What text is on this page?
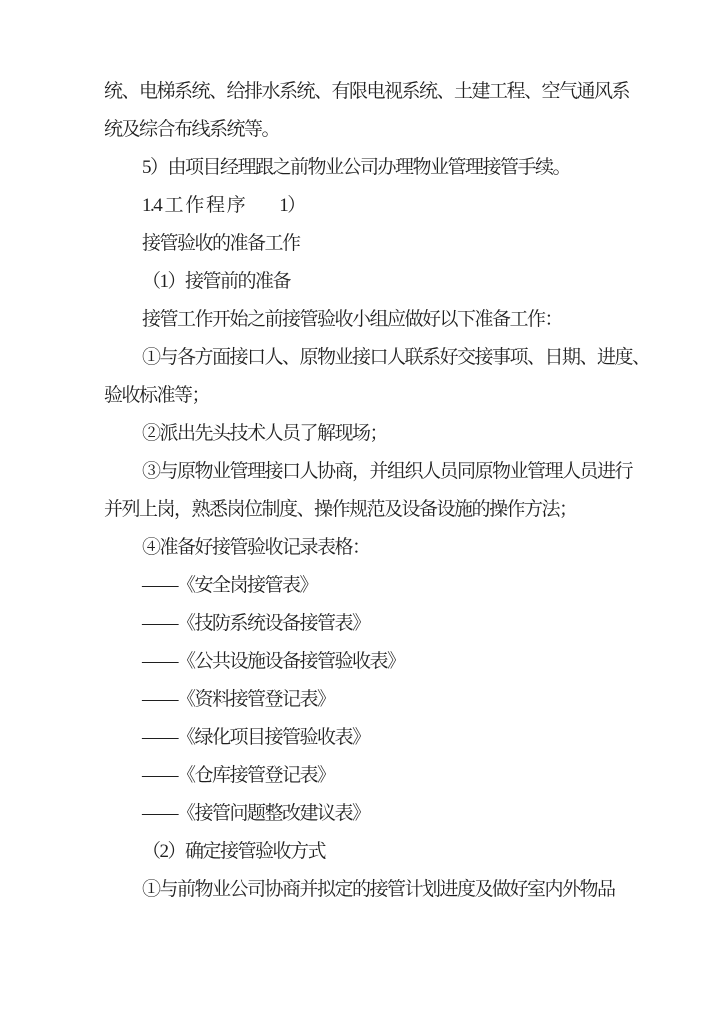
统、电梯系统、给排水系统、有限电视系统、土建工程、空气通风系
统及综合布线系统等。
5）由项目经理跟之前物业公司办理物业管理接管手续。
1.4 工 作 程 序　　1）
接管验收的准备工作
（1）接管前的准备
接管工作开始之前接管验收小组应做好以下准备工作：
①与各方面接口人、原物业接口人联系好交接事项、日期、进度、
验收标准等；
②派出先头技术人员了解现场；
③与原物业管理接口人协商，并组织人员同原物业管理人员进行
并列上岗，熟悉岗位制度、操作规范及设备设施的操作方法；
④准备好接管验收记录表格：
——《安全岗接管表》
——《技防系统设备接管表》
——《公共设施设备接管验收表》
——《资料接管登记表》
——《绿化项目接管验收表》
——《仓库接管登记表》
——《接管问题整改建议表》
（2）确定接管验收方式
①与前物业公司协商并拟定的接管计划进度及做好室内外物品
